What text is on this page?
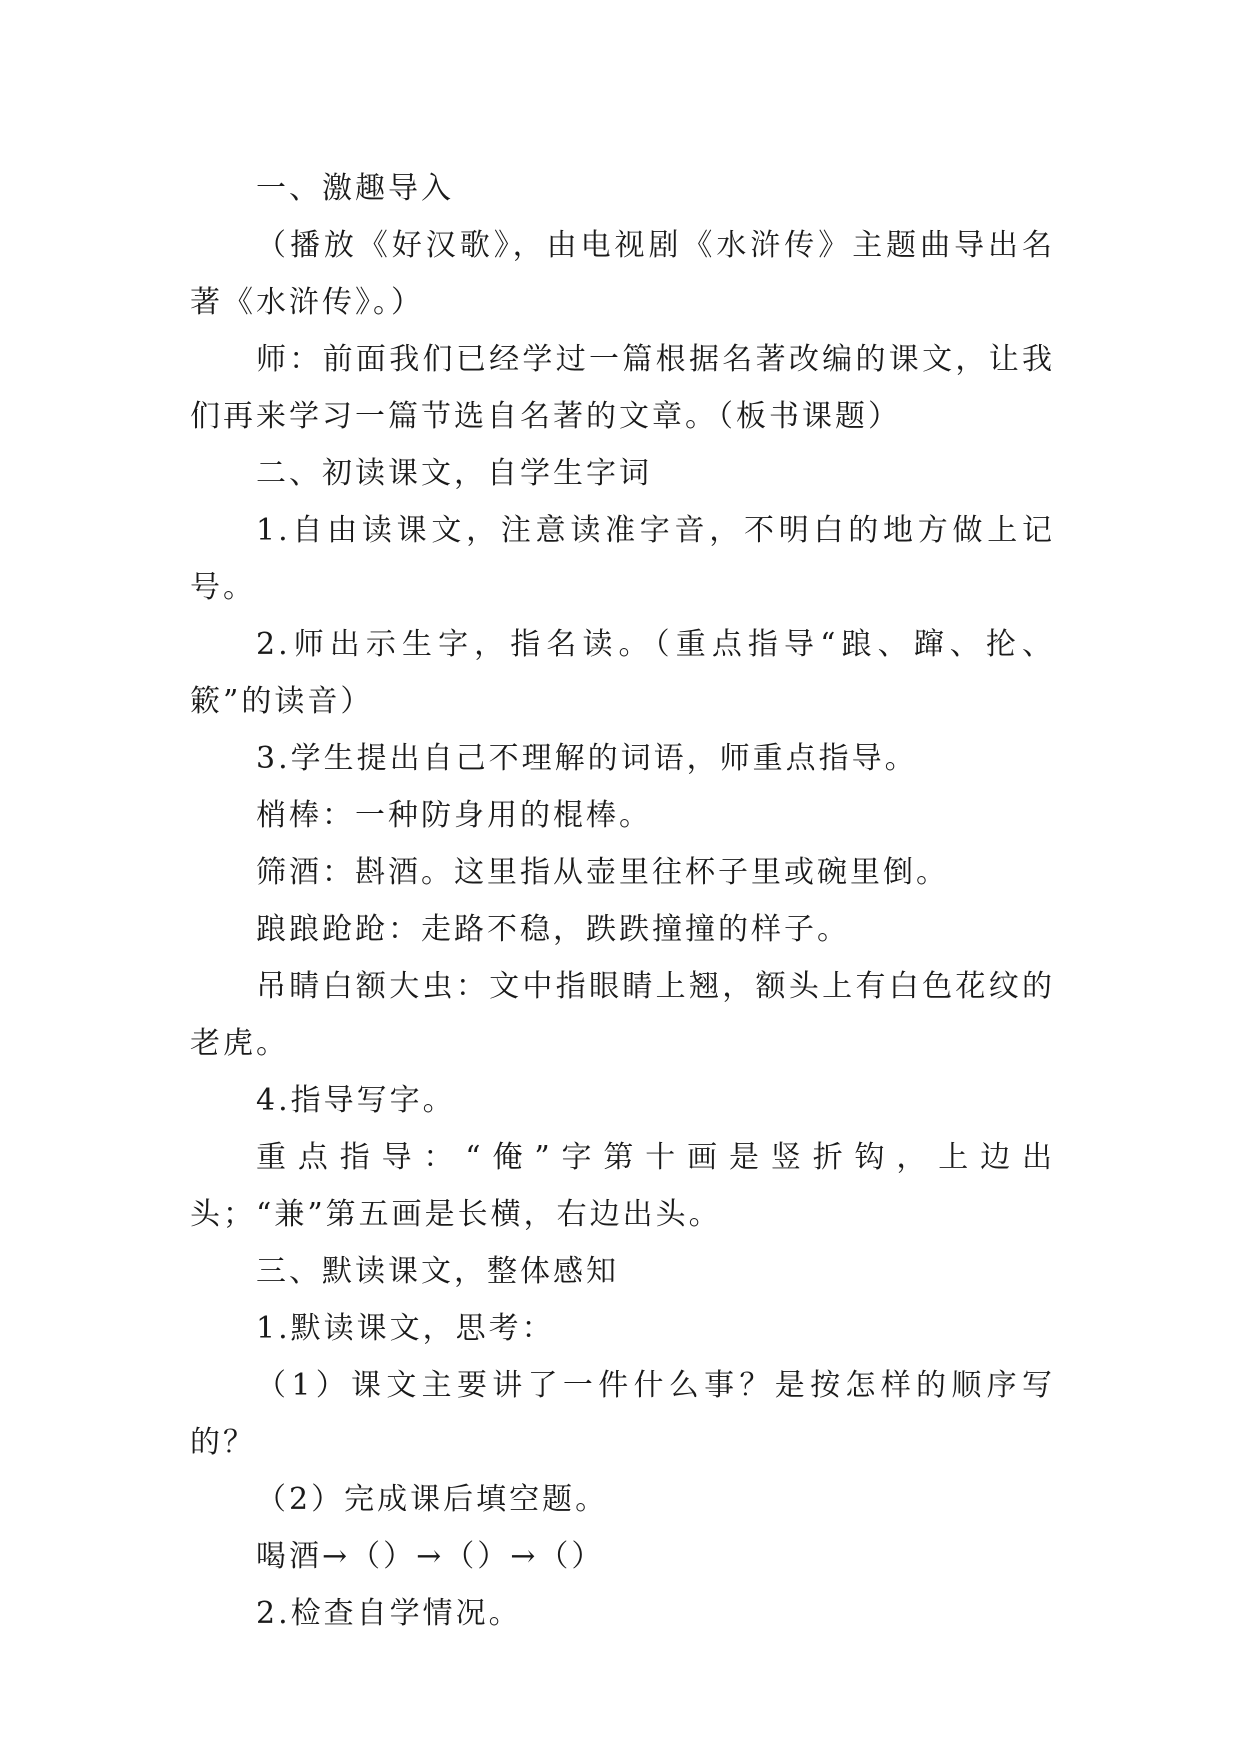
一、激趣导入

（播放《好汉歌》，由电视剧《水浒传》主题曲导出名著《水浒传》。）

师：前面我们已经学过一篇根据名著改编的课文，让我们再来学习一篇节选自名著的文章。（板书课题）

二、初读课文，自学生字词

1.自由读课文，注意读准字音，不明白的地方做上记号。

2.师出示生字，指名读。（重点指导“踉、蹿、抡、簌”的读音）

3.学生提出自己不理解的词语，师重点指导。

梢棒：一种防身用的棍棒。

筛酒：斟酒。这里指从壶里往杯子里或碗里倒。

踉踉跄跄：走路不稳，跌跌撞撞的样子。

吊睛白额大虫：文中指眼睛上翘，额头上有白色花纹的老虎。

4.指导写字。

重点指导：“俺”字第十画是竖折钩，上边出头；“兼”第五画是长横，右边出头。

三、默读课文，整体感知

1.默读课文，思考：

（1）课文主要讲了一件什么事？是按怎样的顺序写的？

（2）完成课后填空题。

喝酒→（）→（）→（）

2.检查自学情况。
